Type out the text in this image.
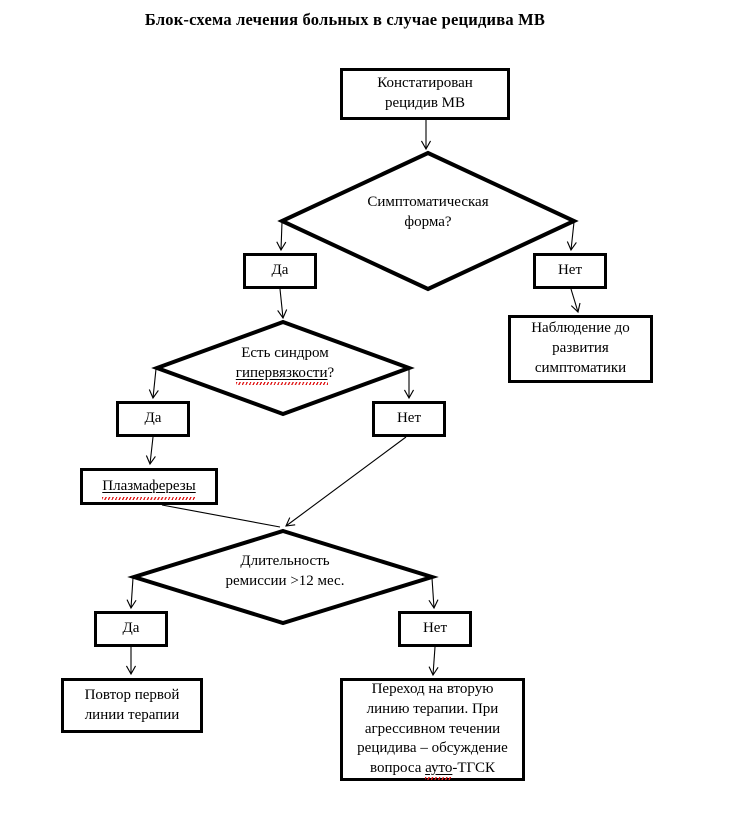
Блок-схема лечения больных в случае рецидива МВ
Констатирован
рецидив МВ
Симптоматическая
форма?
Да	Нет
Наблюдение до
развития
симптоматики
Есть синдром
гипервязкости?
Да	Нет
Плазмаферезы
Длительность
ремиссии >12 мес.
Да	Нет
Повтор первой
линии терапии
Переход на вторую
линию терапии. При
агрессивном течении
рецидива – обсуждение
вопроса ауто-ТГСК
